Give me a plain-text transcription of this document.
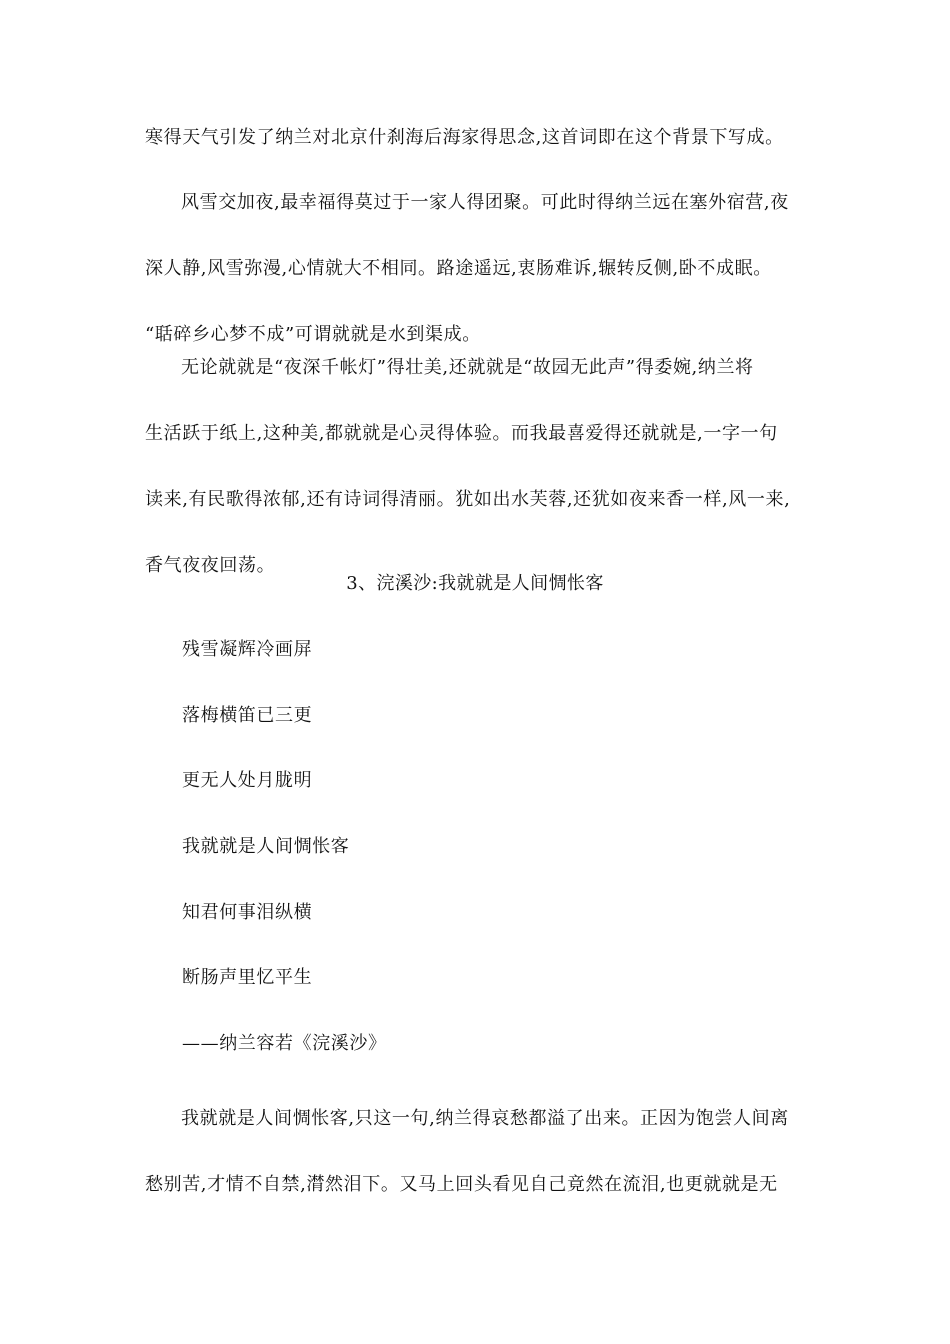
寒得天气引发了纳兰对北京什刹海后海家得思念,这首词即在这个背景下写成。
风雪交加夜,最幸福得莫过于一家人得团聚。可此时得纳兰远在塞外宿营,夜
深人静,风雪弥漫,心情就大不相同。路途遥远,衷肠难诉,辗转反侧,卧不成眠。
“聒碎乡心梦不成”可谓就就是水到渠成。
无论就就是“夜深千帐灯”得壮美,还就就是“故园无此声”得委婉,纳兰将
生活跃于纸上,这种美,都就就是心灵得体验。而我最喜爱得还就就是,一字一句
读来,有民歌得浓郁,还有诗词得清丽。犹如出水芙蓉,还犹如夜来香一样,风一来,
香气夜夜回荡。

3、浣溪沙:我就就是人间惆怅客

残雪凝辉冷画屏

落梅横笛已三更

更无人处月胧明

我就就是人间惆怅客

知君何事泪纵横

断肠声里忆平生

——纳兰容若《浣溪沙》

我就就是人间惆怅客,只这一句,纳兰得哀愁都溢了出来。正因为饱尝人间离
愁别苦,才情不自禁,潸然泪下。又马上回头看见自己竟然在流泪,也更就就是无
